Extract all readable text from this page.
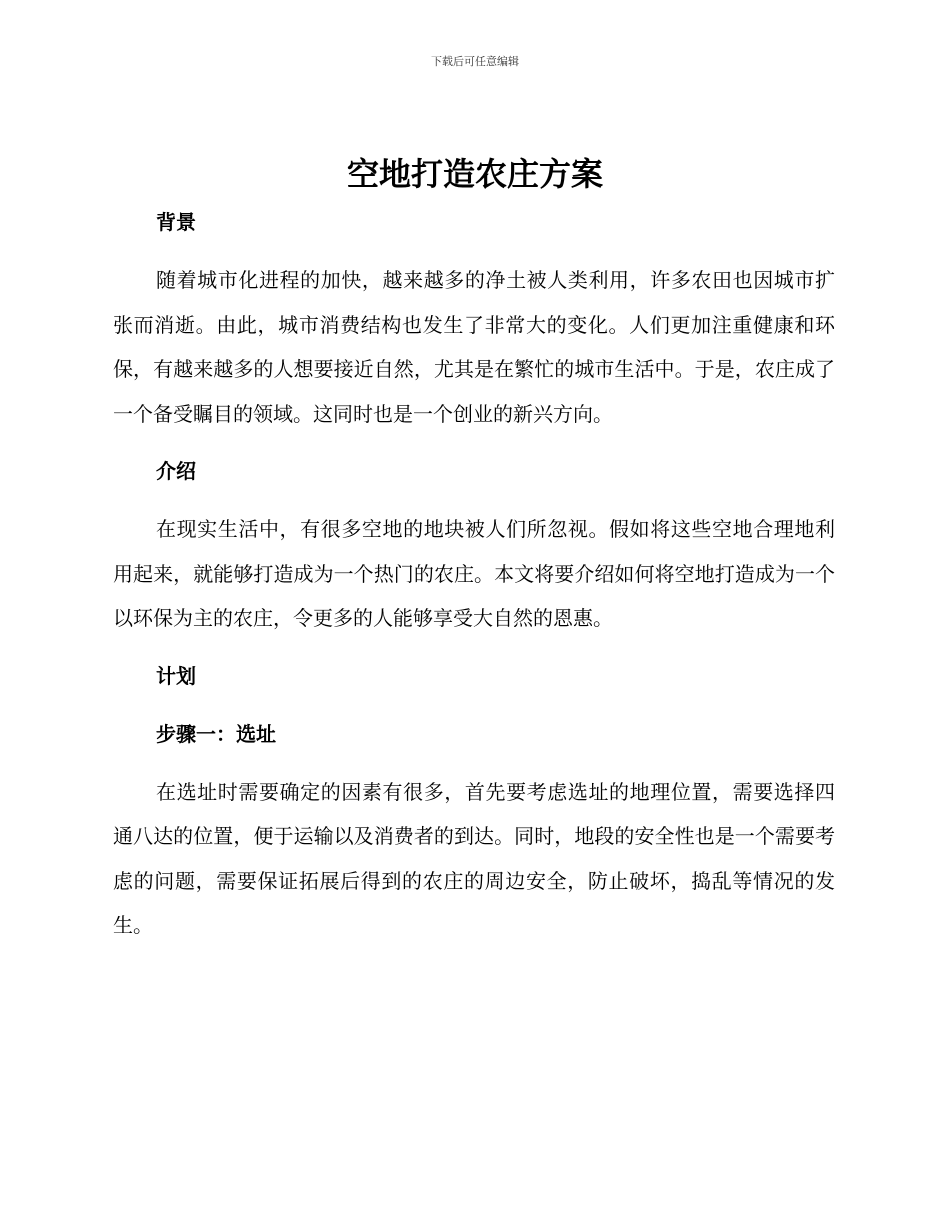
下载后可任意编辑
空地打造农庄方案
背景

随着城市化进程的加快，越来越多的净土被人类利用，许多农田也因城市扩张而消逝。由此，城市消费结构也发生了非常大的变化。人们更加注重健康和环保，有越来越多的人想要接近自然，尤其是在繁忙的城市生活中。于是，农庄成了一个备受瞩目的领域。这同时也是一个创业的新兴方向。

介绍

在现实生活中，有很多空地的地块被人们所忽视。假如将这些空地合理地利用起来，就能够打造成为一个热门的农庄。本文将要介绍如何将空地打造成为一个以环保为主的农庄，令更多的人能够享受大自然的恩惠。

计划
步骤一：选址

在选址时需要确定的因素有很多，首先要考虑选址的地理位置，需要选择四通八达的位置，便于运输以及消费者的到达。同时，地段的安全性也是一个需要考虑的问题，需要保证拓展后得到的农庄的周边安全，防止破坏，捣乱等情况的发生。
